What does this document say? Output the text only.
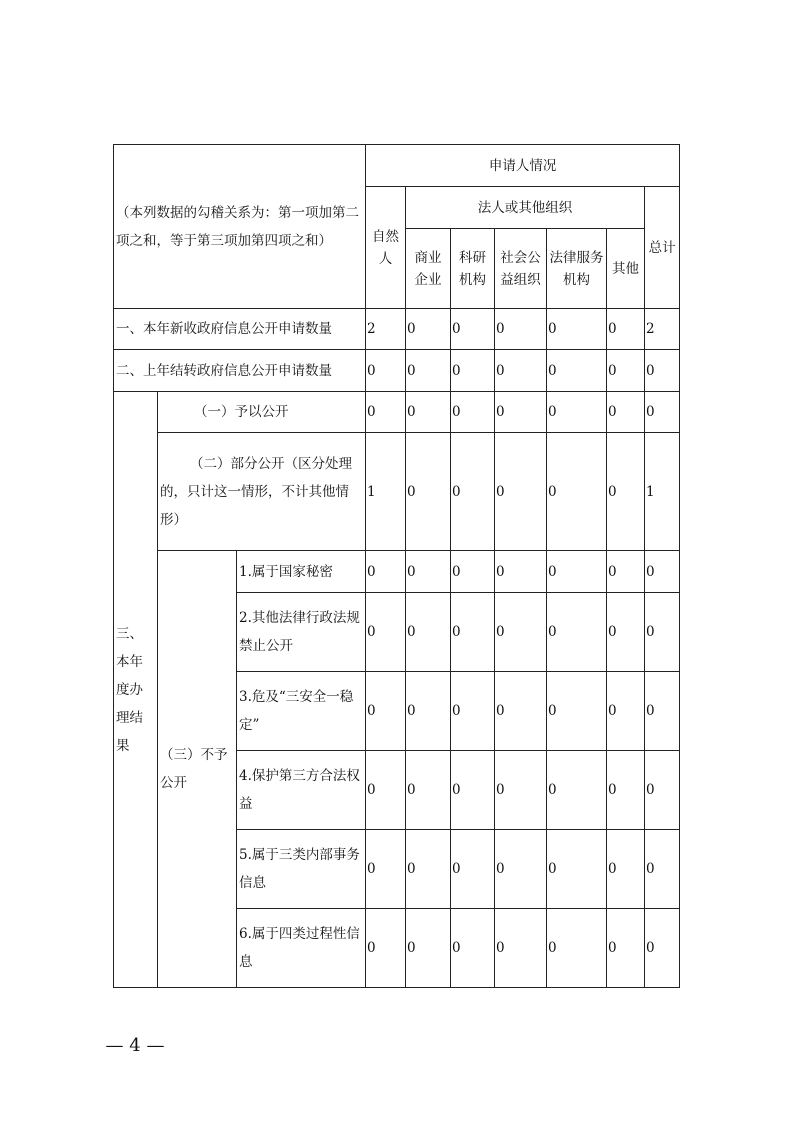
（本列数据的勾稽关系为：第一项加第二项之和，等于第三项加第四项之和）			申请人情况						
			自然人	法人或其他组织					总计
				商业企业	科研机构	社会公益组织	法律服务机构	其他	

一、本年新收政府信息公开申请数量			2	0	0	0	0	0	2
二、上年结转政府信息公开申请数量			0	0	0	0	0	0	0
三、本年度办理结果	（一）予以公开		0	0	0	0	0	0	0
	（二）部分公开（区分处理的，只计这一情形，不计其他情形）		1	0	0	0	0	0	1
	（三）不予公开	1.属于国家秘密	0	0	0	0	0	0	0
		2.其他法律行政法规禁止公开	0	0	0	0	0	0	0
		3.危及“三安全一稳定”	0	0	0	0	0	0	0
		4.保护第三方合法权益	0	0	0	0	0	0	0
		5.属于三类内部事务信息	0	0	0	0	0	0	0
		6.属于四类过程性信息	0	0	0	0	0	0	0
— 4 —
